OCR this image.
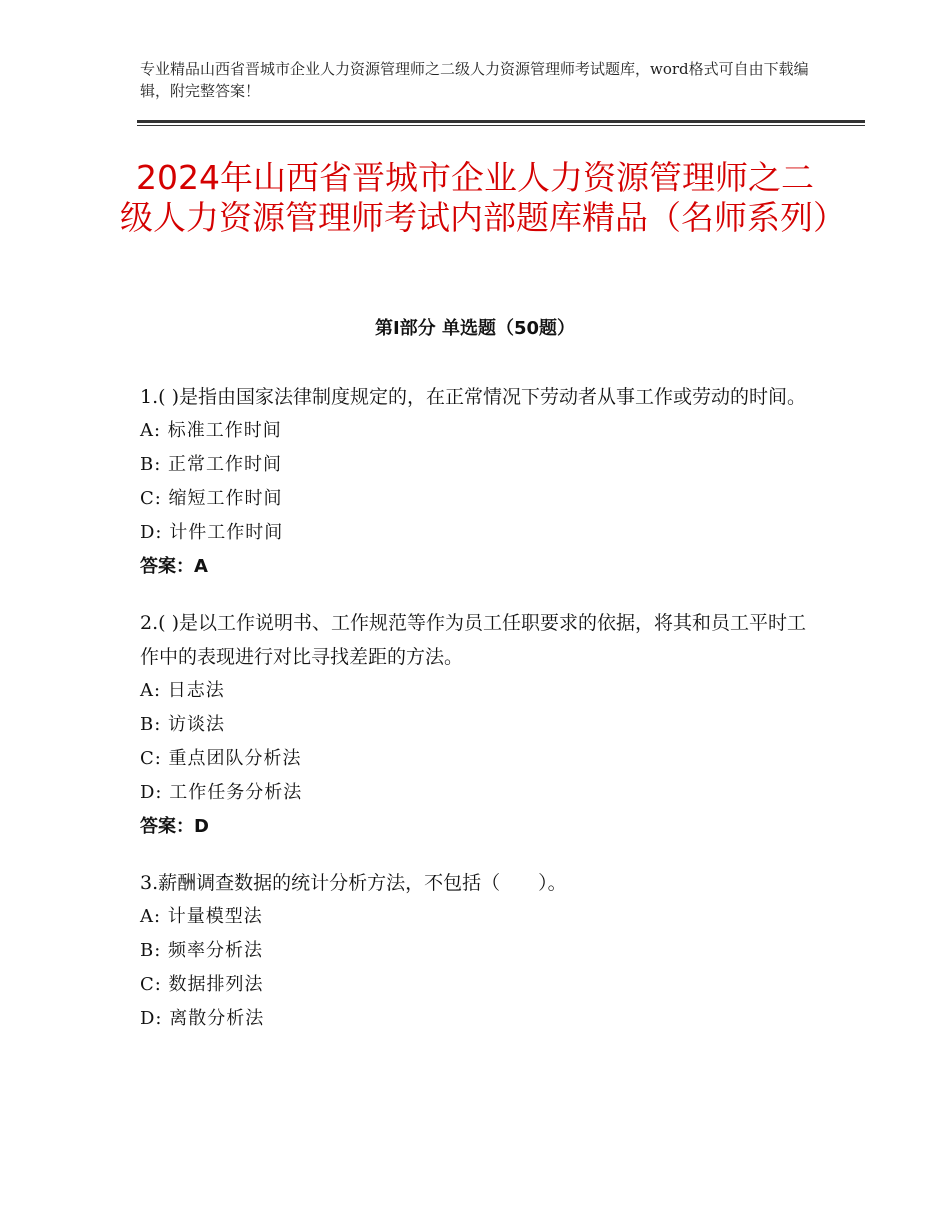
专业精品山西省晋城市企业人力资源管理师之二级人力资源管理师考试题库，word格式可自由下载编辑，附完整答案！
2024年山西省晋城市企业人力资源管理师之二级人力资源管理师考试内部题库精品（名师系列）
第Ⅰ部分 单选题（50题）

1.( )是指由国家法律制度规定的，在正常情况下劳动者从事工作或劳动的时间。

A: 标准工作时间

B: 正常工作时间

C: 缩短工作时间

D: 计件工作时间

答案：A

2.( )是以工作说明书、工作规范等作为员工任职要求的依据，将其和员工平时工作中的表现进行对比寻找差距的方法。

A: 日志法

B: 访谈法

C: 重点团队分析法

D: 工作任务分析法

答案：D

3.薪酬调查数据的统计分析方法，不包括（　　）。

A: 计量模型法

B: 频率分析法

C: 数据排列法

D: 离散分析法
